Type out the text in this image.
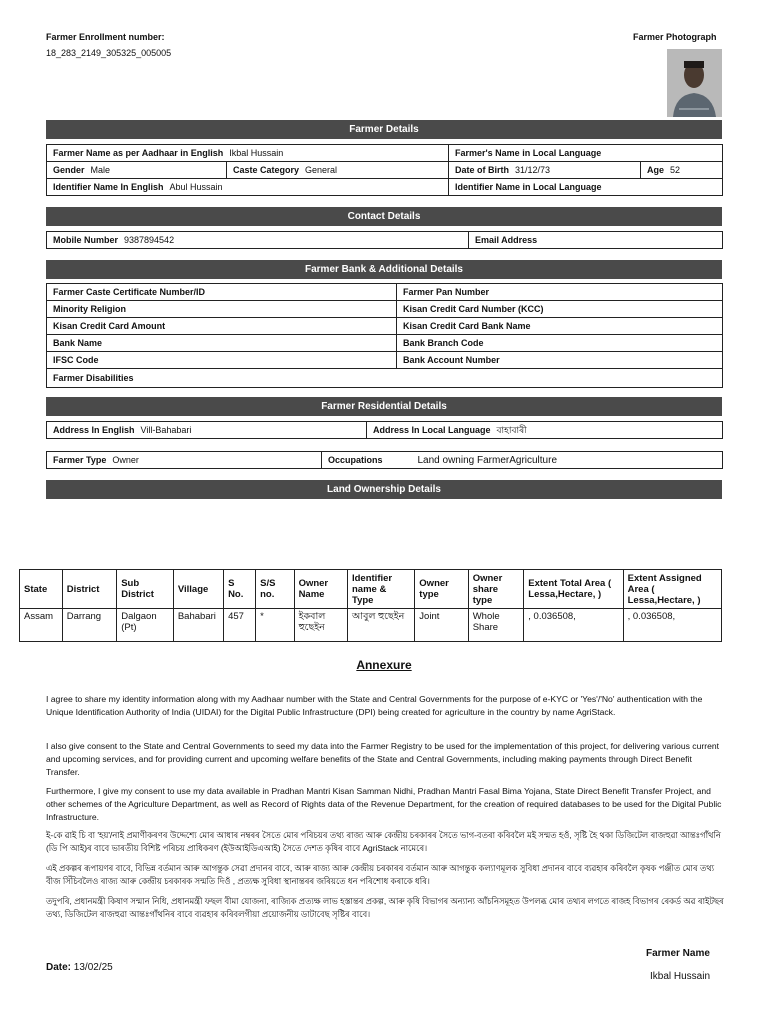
Farmer Enrollment number:
18_283_2149_305325_005005
Farmer Photograph
Farmer Details
Farmer Name as per Aadhaar in English Ikbal Hussain		Farmer's Name in Local Language	
Gender Male	Caste Category General	Date of Birth 31/12/73	Age 52
Identifier Name In English Abul Hussain		Identifier Name in Local Language	
Contact Details
Mobile Number 9387894542	Email Address
Farmer Bank & Additional Details
Farmer Caste Certificate Number/ID	Farmer Pan Number
Minority Religion	Kisan Credit Card Number (KCC)
Kisan Credit Card Amount	Kisan Credit Card Bank Name
Bank Name	Bank Branch Code
IFSC Code	Bank Account Number
Farmer Disabilities	
Farmer Residential Details
Address In English Vill-Bahabari	Address In Local Language বাহাবাৰী
Farmer Type Owner	Occupations	Land owning FarmerAgriculture
Land Ownership Details
State	District	Sub District	Village	S No.	S/S no.	Owner Name	Identifier name & Type	Owner type	Owner share type	Extent Total Area ( Lessa,Hectare, )	Extent Assigned Area ( Lessa,Hectare, )
Assam	Darrang	Dalgaon (Pt)	Bahabari	457	*	ইকবাল হুছেইন	আবুল হুছেইন	Joint	Whole Share	, 0.036508,	, 0.036508,
Annexure
I agree to share my identity information along with my Aadhaar number with the State and Central Governments for the purpose of e-KYC or 'Yes'/'No' authentication with the Unique Identification Authority of India (UIDAI) for the Digital Public Infrastructure (DPI) being created for agriculture in the country by name AgriStack.
I also give consent to the State and Central Governments to seed my data into the Farmer Registry to be used for the implementation of this project, for delivering various current and upcoming services, and for providing current and upcoming welfare benefits of the State and Central Governments, including making payments through Direct Benefit Transfer.
Furthermore, I give my consent to use my data available in Pradhan Mantri Kisan Samman Nidhi, Pradhan Mantri Fasal Bima Yojana, State Direct Benefit Transfer Project, and other schemes of the Agriculture Department, as well as Record of Rights data of the Revenue Department, for the creation of required databases to be used for the Digital Public Infrastructure.
ই-কে ৱাই চি বা 'হয়'/নাই প্ৰমাণীকৰণৰ উদ্দেশ্যে মোৰ আধাৰ নম্বৰৰ সৈতে মোৰ পৰিচয়ৰ তথ্য ৰাজ্য আৰু কেন্দ্ৰীয় চৰকাৰৰ সৈতে ভাগ-বতৰা কৰিবলৈ মই সন্মত হওঁ, সৃষ্টি হৈ থকা ডিজিটেল ৰাজহুৱা আন্তঃগাঁথনি (ডি পি আই)ৰ বাবে ভাৰতীয় বিশিষ্ট পৰিচয় প্ৰাধিকৰণ (ইউআইডিএআই) সৈতে দেশত কৃষিৰ বাবে AgriStack নামেৰে।
এই প্ৰকল্পৰ ৰূপায়ণৰ বাবে, বিভিন্ন বৰ্তমান আৰু আগন্তুক সেৱা প্ৰদানৰ বাবে, আৰু ৰাজ্য আৰু কেন্দ্ৰীয় চৰকাৰৰ বৰ্তমান আৰু আগন্তুক কল্যাণমূলক সুবিধা প্ৰদানৰ বাবে ব্যৱহাৰ কৰিবলৈ কৃষক পঞ্জীত মোৰ তথ্য বীজ সিঁচিবলৈও ৰাজ্য আৰু কেন্দ্ৰীয় চৰকাৰক সন্মতি দিওঁ , প্ৰত্যক্ষ সুবিধা স্থানান্তৰৰ জৰিয়তে ধন পৰিশোধ কৰাকে ধৰি।
তদুপৰি, প্ৰধানমন্ত্ৰী কিষাণ সন্মান নিধি, প্ৰধানমন্ত্ৰী ফছল বীমা যোজনা, ৰাজ্যিক প্ৰত্যক্ষ লাভ হস্তান্তৰ প্ৰকল্প, আৰু কৃষি বিভাগৰ অন্যান্য আঁচনিসমূহত উপলব্ধ মোৰ তথ্যৰ লগতে ৰাজহ বিভাগৰ ৰেকৰ্ড অৱ ৰাইটছৰ তথ্য, ডিজিটেল ৰাজহুৱা আন্তঃগাঁথনিৰ বাবে ব্যৱহাৰ কৰিবলগীয়া প্ৰয়োজনীয় ডাটাবেছ সৃষ্টিৰ বাবে।
Farmer Name
Ikbal Hussain
Date: 13/02/25
